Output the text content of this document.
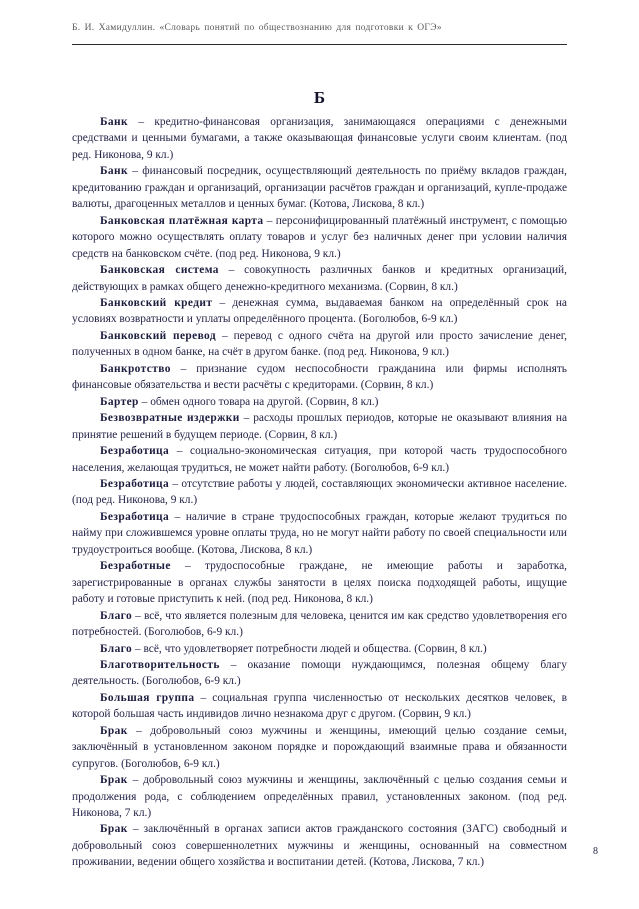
Б. И. Хамидуллин. «Словарь понятий по обществознанию для подготовки к ОГЭ»
Б

Банк – кредитно-финансовая организация, занимающаяся операциями с денежными средствами и ценными бумагами, а также оказывающая финансовые услуги своим клиентам. (под ред. Никонова, 9 кл.)

Банк – финансовый посредник, осуществляющий деятельность по приёму вкладов граждан, кредитованию граждан и организаций, организации расчётов граждан и организаций, купле-продаже валюты, драгоценных металлов и ценных бумаг. (Котова, Лискова, 8 кл.)

Банковская платёжная карта – персонифицированный платёжный инструмент, с помощью которого можно осуществлять оплату товаров и услуг без наличных денег при условии наличия средств на банковском счёте. (под ред. Никонова, 9 кл.)

Банковская система – совокупность различных банков и кредитных организаций, действующих в рамках общего денежно-кредитного механизма. (Сорвин, 8 кл.)

Банковский кредит – денежная сумма, выдаваемая банком на определённый срок на условиях возвратности и уплаты определённого процента. (Боголюбов, 6-9 кл.)

Банковский перевод – перевод с одного счёта на другой или просто зачисление денег, полученных в одном банке, на счёт в другом банке. (под ред. Никонова, 9 кл.)

Банкротство – признание судом неспособности гражданина или фирмы исполнять финансовые обязательства и вести расчёты с кредиторами. (Сорвин, 8 кл.)

Бартер – обмен одного товара на другой. (Сорвин, 8 кл.)

Безвозвратные издержки – расходы прошлых периодов, которые не оказывают влияния на принятие решений в будущем периоде. (Сорвин, 8 кл.)

Безработица – социально-экономическая ситуация, при которой часть трудоспособного населения, желающая трудиться, не может найти работу. (Боголюбов, 6-9 кл.)

Безработица – отсутствие работы у людей, составляющих экономически активное население. (под ред. Никонова, 9 кл.)

Безработица – наличие в стране трудоспособных граждан, которые желают трудиться по найму при сложившемся уровне оплаты труда, но не могут найти работу по своей специальности или трудоустроиться вообще. (Котова, Лискова, 8 кл.)

Безработные – трудоспособные граждане, не имеющие работы и заработка, зарегистрированные в органах службы занятости в целях поиска подходящей работы, ищущие работу и готовые приступить к ней. (под ред. Никонова, 8 кл.)

Благо – всё, что является полезным для человека, ценится им как средство удовлетворения его потребностей. (Боголюбов, 6-9 кл.)

Благо – всё, что удовлетворяет потребности людей и общества. (Сорвин, 8 кл.)

Благотворительность – оказание помощи нуждающимся, полезная общему благу деятельность. (Боголюбов, 6-9 кл.)

Большая группа – социальная группа численностью от нескольких десятков человек, в которой большая часть индивидов лично незнакома друг с другом. (Сорвин, 9 кл.)

Брак – добровольный союз мужчины и женщины, имеющий целью создание семьи, заключённый в установленном законом порядке и порождающий взаимные права и обязанности супругов. (Боголюбов, 6-9 кл.)

Брак – добровольный союз мужчины и женщины, заключённый с целью создания семьи и продолжения рода, с соблюдением определённых правил, установленных законом. (под ред. Никонова, 7 кл.)

Брак – заключённый в органах записи актов гражданского состояния (ЗАГС) свободный и добровольный союз совершеннолетних мужчины и женщины, основанный на совместном проживании, ведении общего хозяйства и воспитании детей. (Котова, Лискова, 7 кл.)

8
